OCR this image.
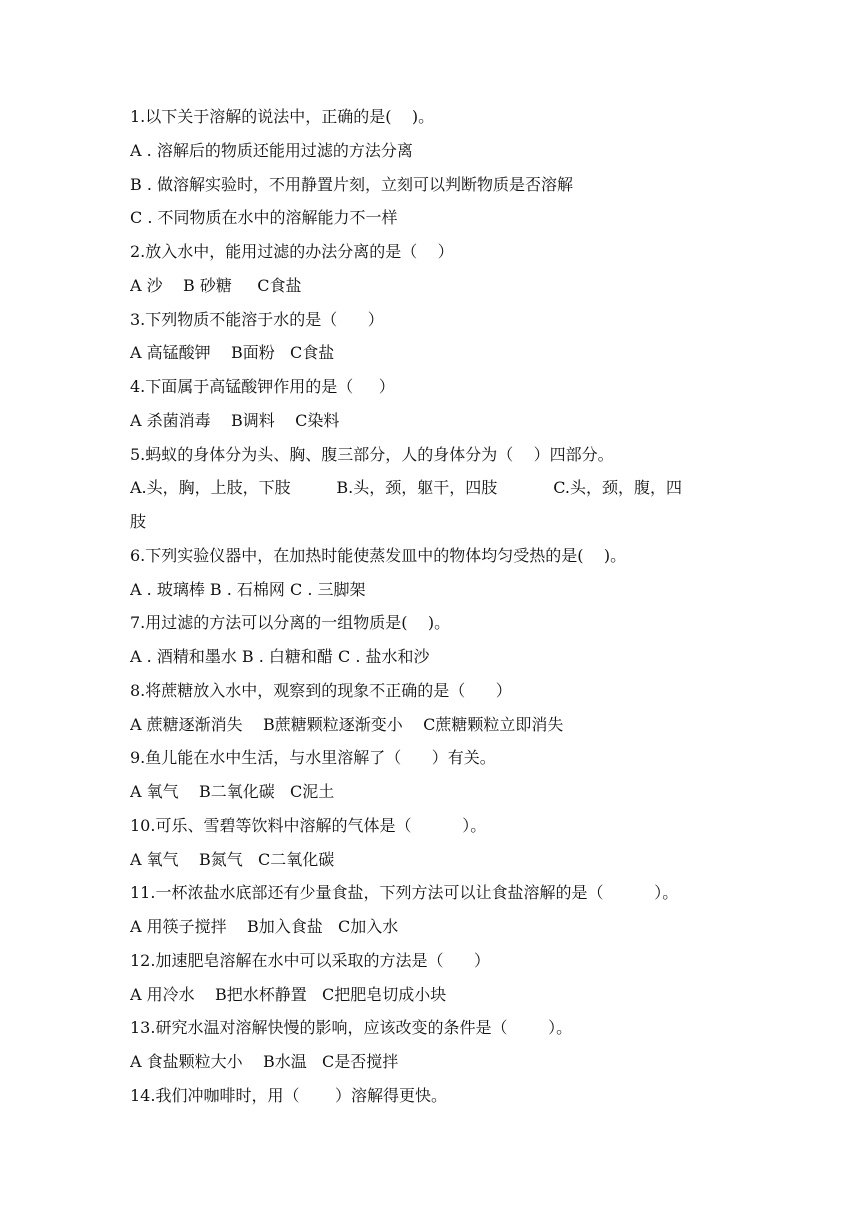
1.以下关于溶解的说法中，正确的是(    )。
A . 溶解后的物质还能用过滤的方法分离
B . 做溶解实验时，不用静置片刻，立刻可以判断物质是否溶解
C . 不同物质在水中的溶解能力不一样
2.放入水中，能用过滤的办法分离的是（    ）
A 沙    B 砂糖     C食盐
3.下列物质不能溶于水的是（      ）
A 高锰酸钾    B面粉   C食盐
4.下面属于高锰酸钾作用的是（     ）
A 杀菌消毒    B调料    C染料
5.蚂蚁的身体分为头、胸、腹三部分，人的身体分为（    ）四部分。
A.头，胸，上肢，下肢         B.头，颈，躯干，四肢           C.头，颈，腹，四
肢
6.下列实验仪器中，在加热时能使蒸发皿中的物体均匀受热的是(    )。
A . 玻璃棒 B . 石棉网 C . 三脚架
7.用过滤的方法可以分离的一组物质是(    )。
A . 酒精和墨水 B . 白糖和醋 C . 盐水和沙
8.将蔗糖放入水中，观察到的现象不正确的是（      ）
A 蔗糖逐渐消失    B蔗糖颗粒逐渐变小    C蔗糖颗粒立即消失
9.鱼儿能在水中生活，与水里溶解了（      ）有关。
A 氧气    B二氧化碳   C泥土
10.可乐、雪碧等饮料中溶解的气体是（          ）。
A 氧气    B氮气   C二氧化碳
11.一杯浓盐水底部还有少量食盐，下列方法可以让食盐溶解的是（          ）。
A 用筷子搅拌    B加入食盐   C加入水
12.加速肥皂溶解在水中可以采取的方法是（      ）
A 用冷水    B把水杯静置   C把肥皂切成小块
13.研究水温对溶解快慢的影响，应该改变的条件是（        ）。
A 食盐颗粒大小    B水温   C是否搅拌
14.我们冲咖啡时，用（       ）溶解得更快。
